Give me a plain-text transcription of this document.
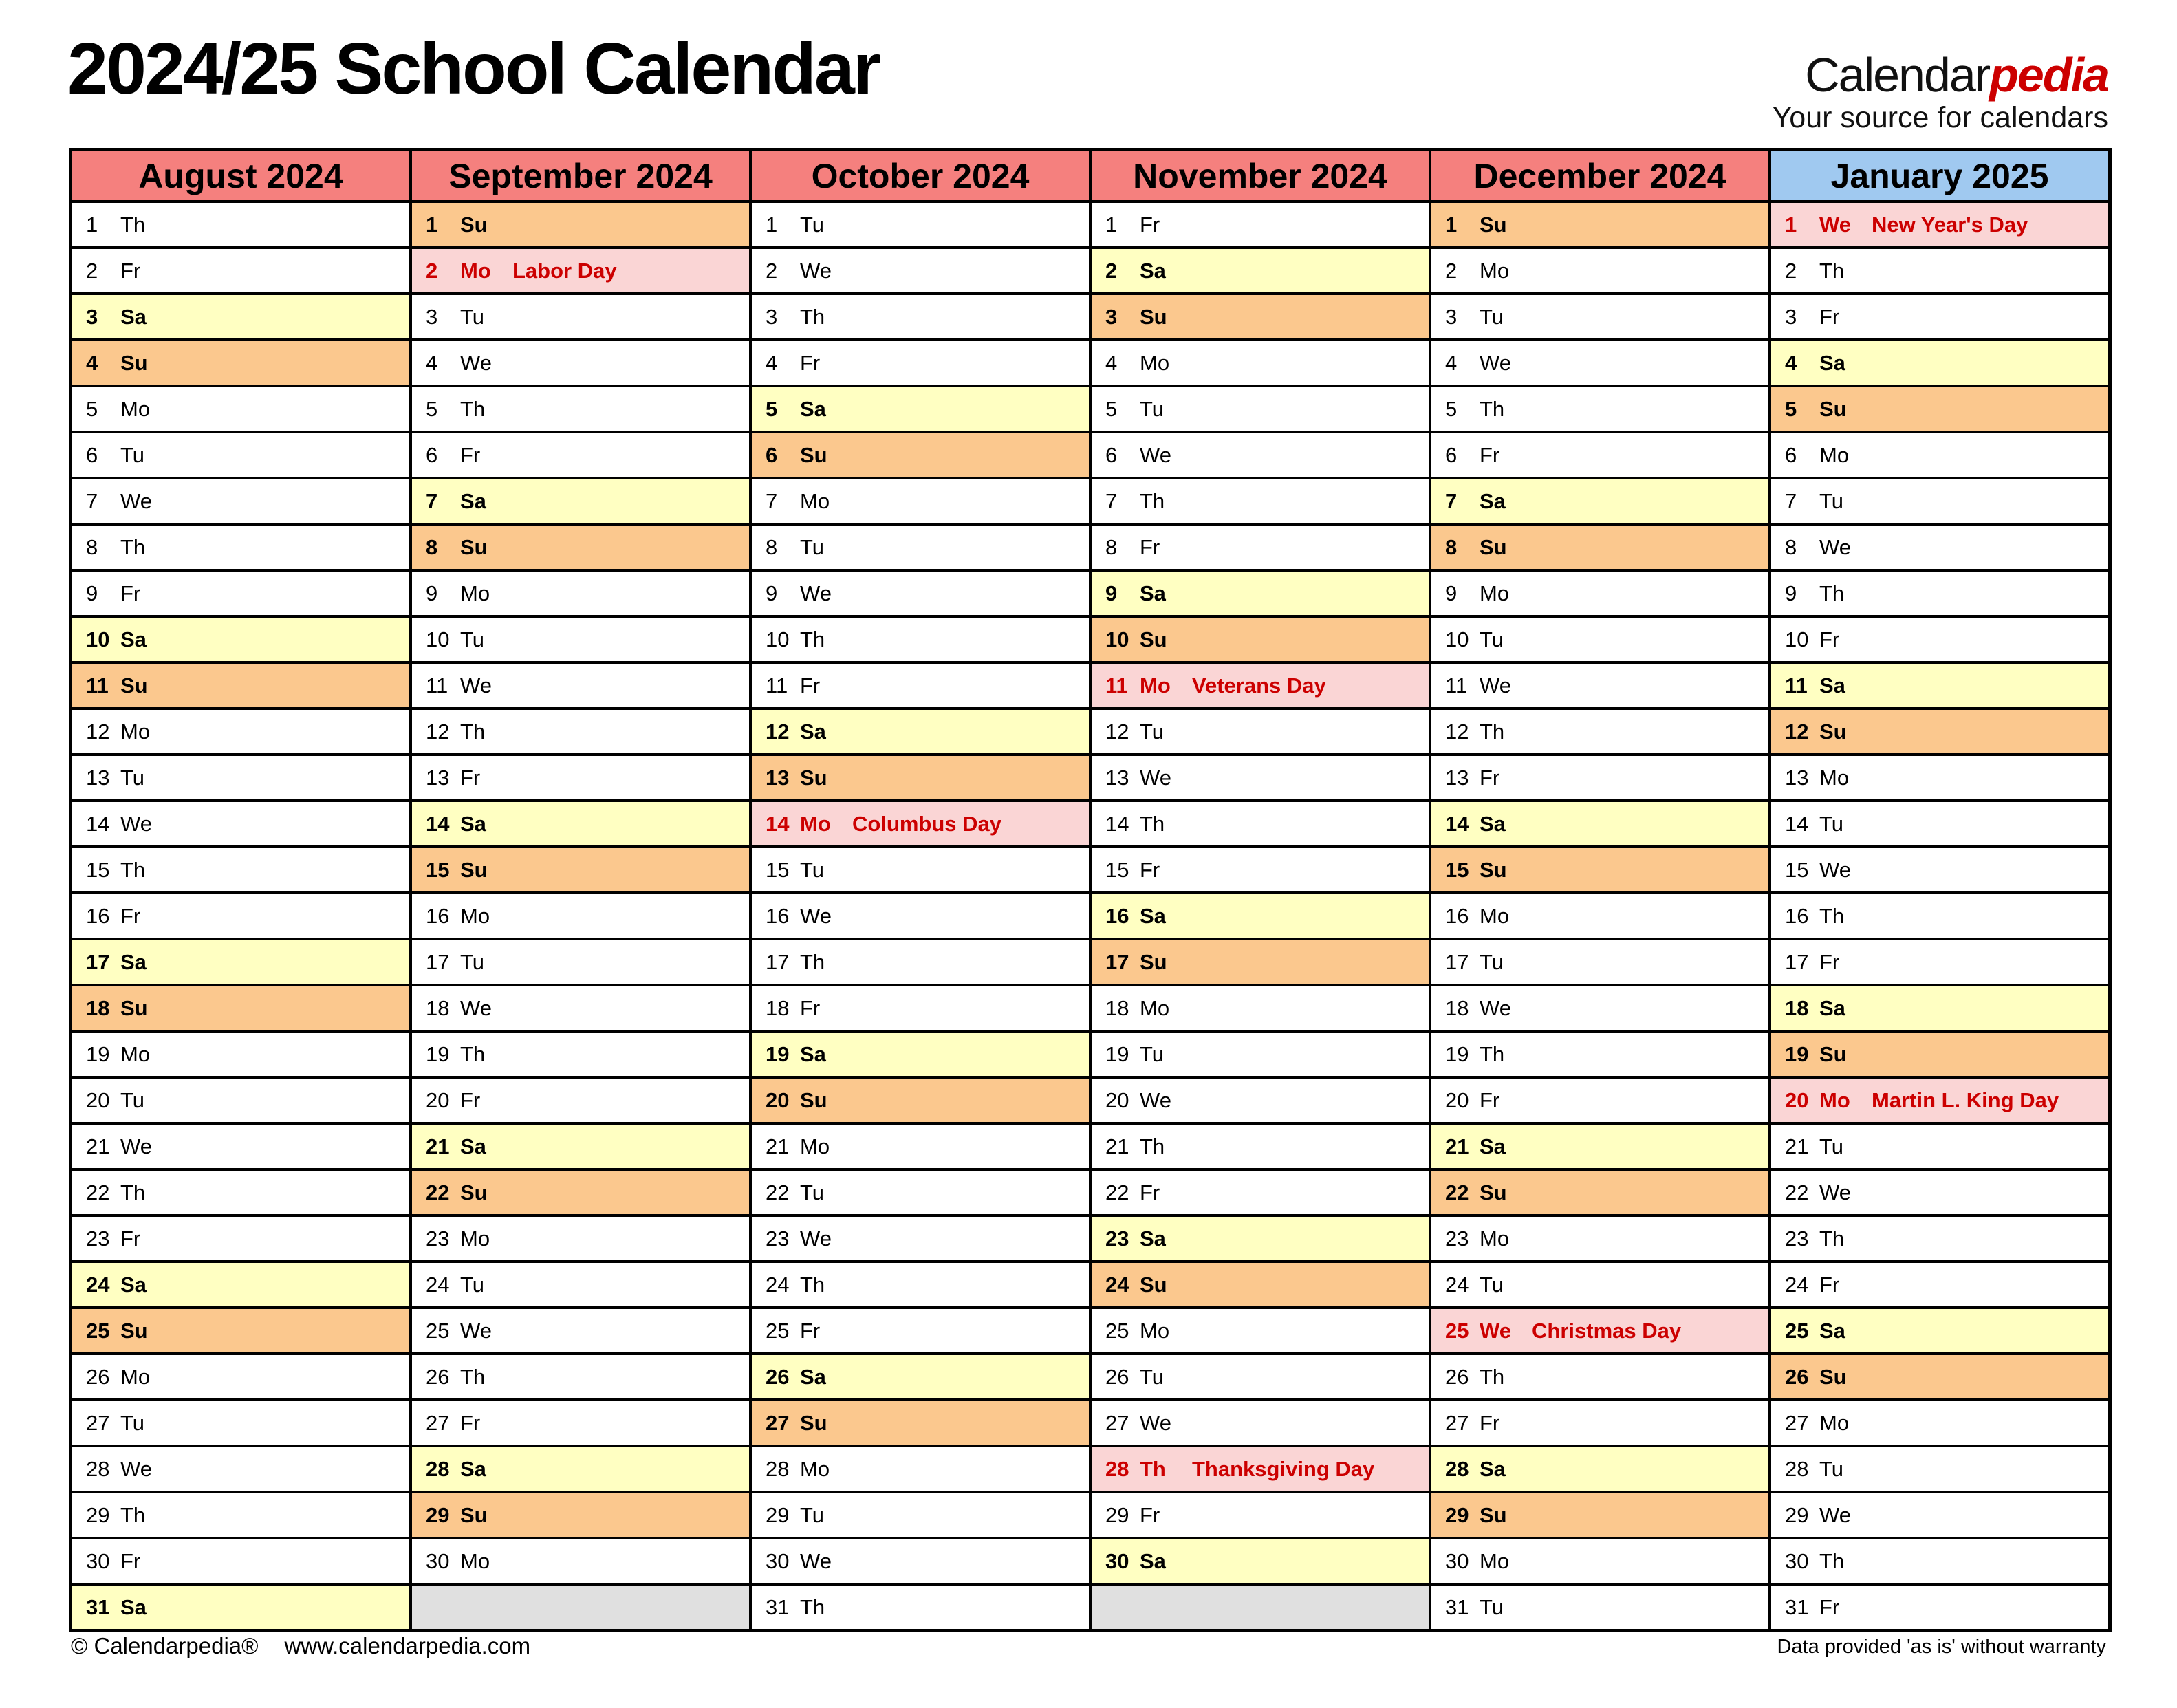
2024/25 School Calendar	Calendarpedia
Your source for calendars
August 2024
1	Th
2	Fr
3	Sa
4	Su
5	Mo
6	Tu
7	We
8	Th
9	Fr
10 Sa
11 Su
12 Mo
13 Tu
14 We
15 Th
16 Fr
17 Sa
18 Su
19 Mo
20 Tu
21 We
22 Th
23 Fr
24 Sa
25 Su
26 Mo
27 Tu
28 We
29 Th
30 Fr
31 Sa
September 2024
1	Su
2	Mo	Labor Day
3	Tu
4	We
5	Th
6	Fr
7	Sa
8	Su
9	Mo
10 Tu
11 We
12 Th
13 Fr
14 Sa
15 Su
16 Mo
17 Tu
18 We
19 Th
20 Fr
21 Sa
22 Su
23 Mo
24 Tu
25 We
26 Th
27 Fr
28 Sa
29 Su
30 Mo
October 2024
1	Tu
2	We
3	Th
4	Fr
5	Sa
6	Su
7	Mo
8	Tu
9	We
10 Th
11 Fr
12 Sa
13 Su
14 Mo	Columbus Day
15 Tu
16 We
17 Th
18 Fr
19 Sa
20 Su
21 Mo
22 Tu
23 We
24 Th
25 Fr
26 Sa
27 Su
28 Mo
29 Tu
30 We
31 Th
November 2024
1	Fr
2	Sa
3	Su
4	Mo
5	Tu
6	We
7	Th
8	Fr
9	Sa
10 Su
11 Mo	Veterans Day
12 Tu
13 We
14 Th
15 Fr
16 Sa
17 Su
18 Mo
19 Tu
20 We
21 Th
22 Fr
23 Sa
24 Su
25 Mo
26 Tu
27 We
28 Th	Thanksgiving Day
29 Fr
30 Sa
December 2024
1	Su
2	Mo
3	Tu
4	We
5	Th
6	Fr
7	Sa
8	Su
9	Mo
10 Tu
11 We
12 Th
13 Fr
14 Sa
15 Su
16 Mo
17 Tu
18 We
19 Th
20 Fr
21 Sa
22 Su
23 Mo
24 Tu
25 We Christmas Day
26 Th
27 Fr
28 Sa
29 Su
30 Mo
31 Tu
January 2025
1	We New Year's Day
2	Th
3	Fr
4	Sa
5	Su
6	Mo
7	Tu
8	We
9	Th
10 Fr
11 Sa
12 Su
13 Mo
14 Tu
15 We
16 Th
17 Fr
18 Sa
19 Su
20 Mo	Martin L. King Day
21 Tu
22 We
23 Th
24 Fr
25 Sa
26 Su
27 Mo
28 Tu
29 We
30 Th
31 Fr
© Calendarpedia® www.calendarpedia.com	Data provided 'as is' without warranty
